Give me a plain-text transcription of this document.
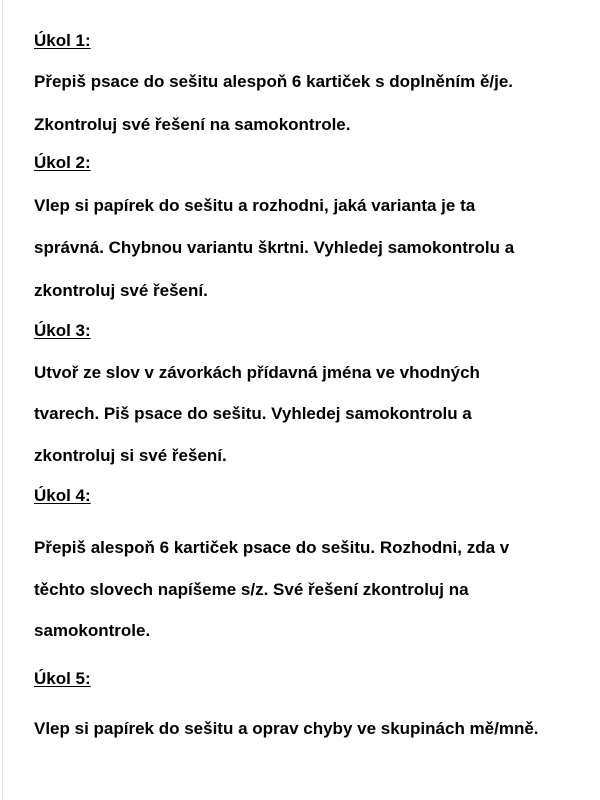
Úkol 1:
Přepiš psace do sešitu alespoň 6 kartiček s doplněním ě/je.
Zkontroluj své řešení na samokontrole.
Úkol 2:
Vlep si papírek do sešitu a rozhodni, jaká varianta je ta
správná. Chybnou variantu škrtni. Vyhledej samokontrolu a
zkontroluj své řešení.
Úkol 3:
Utvoř ze slov v závorkách přídavná jména ve vhodných
tvarech. Piš psace do sešitu. Vyhledej samokontrolu a
zkontroluj si své řešení.
Úkol 4:
Přepiš alespoň 6 kartiček psace do sešitu. Rozhodni, zda v
těchto slovech napíšeme s/z. Své řešení zkontroluj na
samokontrole.
Úkol 5:
Vlep si papírek do sešitu a oprav chyby ve skupinách mě/mně.
